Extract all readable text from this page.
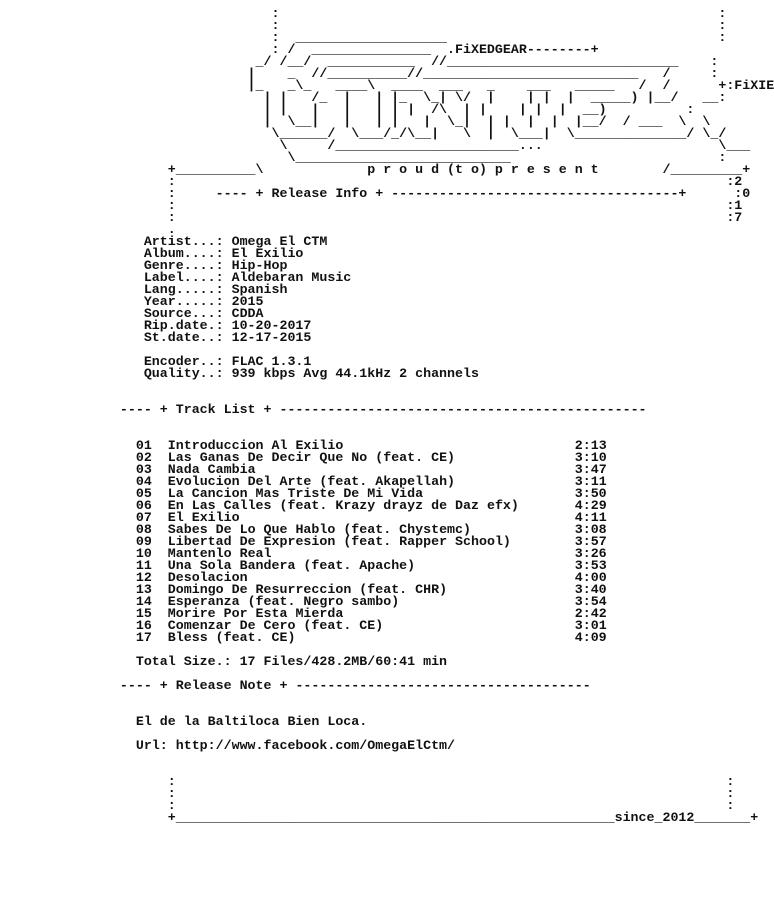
:                                                       :
:                                                       :
:  ___________________                                  :
: /  _______________  .FiXEDGEAR--------+
_/ /__/  ___________  //_____________________________    :
|    _  //__________//___________________________   /     :
|_   _\_   ____\  ____  ___   _    ___   _____   /  /      +:FiXIE
| |   /_  |   | |_  \_| \/  |    | |  |  _____) |__/   __:
| |   |   |   | | |  /\  | |    | |  |  __)          :
|  \__|   |   | |   |  \_|  | |  |  |  |__/  / ___  \  \
\______/  \___/_/\__|   \  |  \___|  \______________/ \_/
\     /_______________________...                      \___
\___________________________                          :
+__________\             p r o u d (t o) p r e s e n t        /_________+
:                                                                     :2
:     ---- + Release Info + ------------------------------------+      :0
:                                                                     :1
:                                                                     :7
.
Artist...: Omega El CTM
Album....: El Exilio
Genre....: Hip-Hop
Label....: Aldebaran Music
Lang.....: Spanish
Year.....: 2015
Source...: CDDA
Rip.date.: 10-20-2017
St.date..: 12-17-2015

Encoder..: FLAC 1.3.1
Quality..: 939 kbps Avg 44.1kHz 2 channels

---- + Track List + ----------------------------------------------

01 Introduccion Al Exilio	2:13
02 Las Ganas De Decir Que No (feat. CE)	3:10
03 Nada Cambia	3:47
04 Evolucion Del Arte (feat. Akapellah)	3:11
05 La Cancion Mas Triste De Mi Vida	3:50
06 En Las Calles (feat. Krazy drayz de Daz efx)	4:29
07 El Exilio	4:11
08 Sabes De Lo Que Hablo (feat. Chystemc)	3:08
09 Libertad De Expresion (feat. Rapper School)	3:57
10 Mantenlo Real	3:26
11 Una Sola Bandera (feat. Apache)	3:53
12 Desolacion	4:00
13 Domingo De Resurreccion (feat. CHR)	3:40
14 Esperanza (feat. Negro sambo)	3:54
15 Morire Por Esta Mierda	2:42
16 Comenzar De Cero (feat. CE)	3:01
17 Bless (feat. CE)	4:09

Total Size.: 17 Files/428.2MB/60:41 min

---- + Release Note + -------------------------------------

El de la Baltiloca Bien Loca.

Url: http://www.facebook.com/OmegaElCtm/

:                                                                     :
:                                                                     :
:                                                                     :
+_______________________________________________________since_2012_______+
